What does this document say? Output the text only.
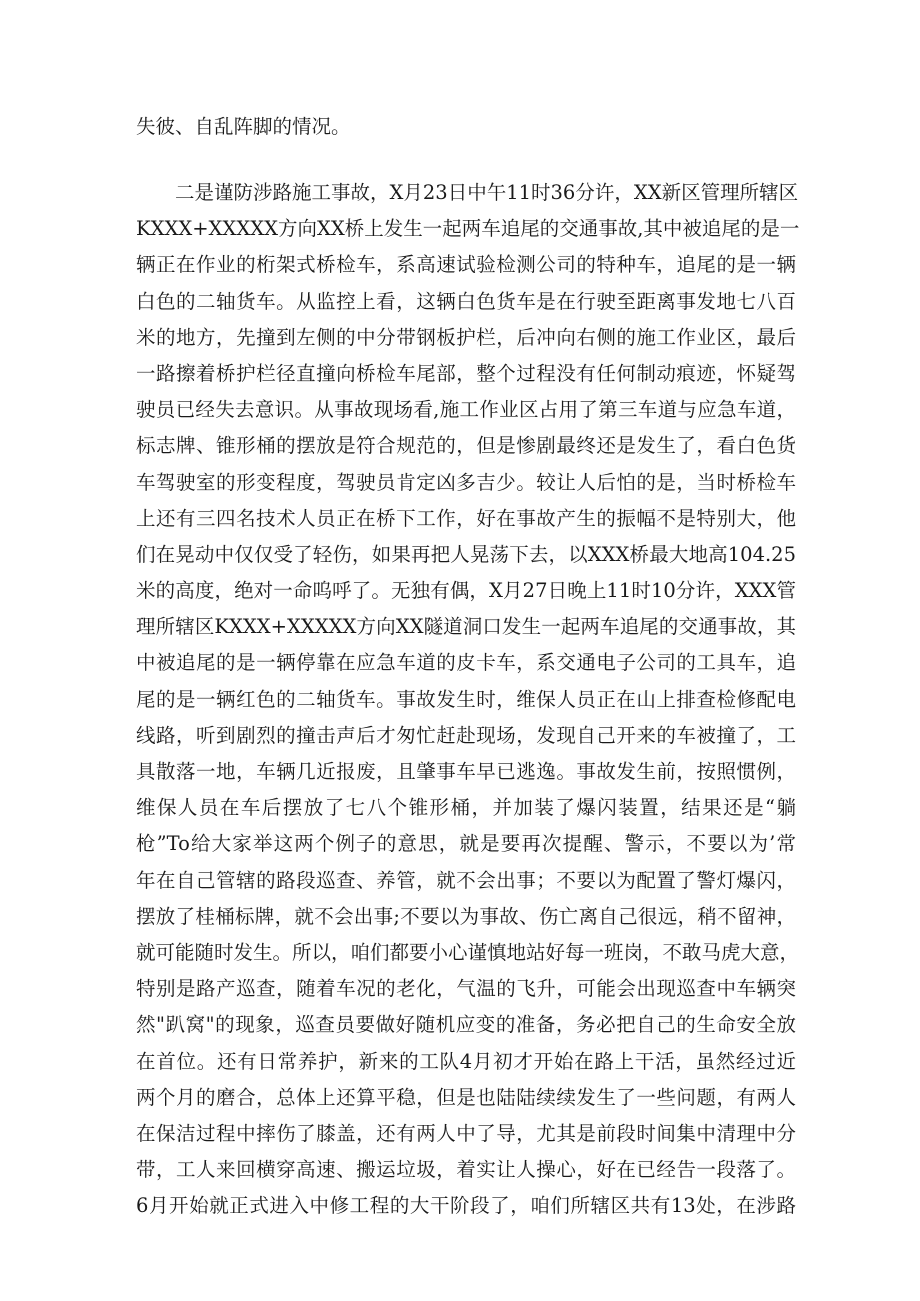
失彼、自乱阵脚的情况。
　　二是谨防涉路施工事故，X月23日中午11时36分许，XX新区管理所辖区
KXXX+XXXXX方向XX桥上发生一起两车追尾的交通事故,其中被追尾的是一
辆正在作业的桁架式桥检车，系高速试验检测公司的特种车，追尾的是一辆
白色的二轴货车。从监控上看，这辆白色货车是在行驶至距离事发地七八百
米的地方，先撞到左侧的中分带钢板护栏，后冲向右侧的施工作业区，最后
一路擦着桥护栏径直撞向桥检车尾部，整个过程没有任何制动痕迹，怀疑驾
驶员已经失去意识。从事故现场看,施工作业区占用了第三车道与应急车道，
标志牌、锥形桶的摆放是符合规范的，但是惨剧最终还是发生了，看白色货
车驾驶室的形变程度，驾驶员肯定凶多吉少。较让人后怕的是，当时桥检车
上还有三四名技术人员正在桥下工作，好在事故产生的振幅不是特别大，他
们在晃动中仅仅受了轻伤，如果再把人晃荡下去，以XXX桥最大地高104.25
米的高度，绝对一命呜呼了。无独有偶，X月27日晚上11时10分许，XXX管
理所辖区KXXX+XXXXX方向XX隧道洞口发生一起两车追尾的交通事故，其
中被追尾的是一辆停靠在应急车道的皮卡车，系交通电子公司的工具车，追
尾的是一辆红色的二轴货车。事故发生时，维保人员正在山上排查检修配电
线路，听到剧烈的撞击声后才匆忙赶赴现场，发现自己开来的车被撞了，工
具散落一地，车辆几近报废，且肇事车早已逃逸。事故发生前，按照惯例，
维保人员在车后摆放了七八个锥形桶，并加装了爆闪装置，结果还是“躺
枪”To给大家举这两个例子的意思，就是要再次提醒、警示，不要以为’常
年在自己管辖的路段巡查、养管，就不会出事；不要以为配置了警灯爆闪，
摆放了桂桶标牌，就不会出事;不要以为事故、伤亡离自己很远，稍不留神，
就可能随时发生。所以，咱们都要小心谨慎地站好每一班岗，不敢马虎大意，
特别是路产巡查，随着车况的老化，气温的飞升，可能会出现巡查中车辆突
然"趴窝"的现象，巡查员要做好随机应变的准备，务必把自己的生命安全放
在首位。还有日常养护，新来的工队4月初才开始在路上干活，虽然经过近
两个月的磨合，总体上还算平稳，但是也陆陆续续发生了一些问题，有两人
在保洁过程中摔伤了膝盖，还有两人中了导，尤其是前段时间集中清理中分
带，工人来回横穿高速、搬运垃圾，着实让人操心，好在已经告一段落了。
6月开始就正式进入中修工程的大干阶段了，咱们所辖区共有13处，在涉路
